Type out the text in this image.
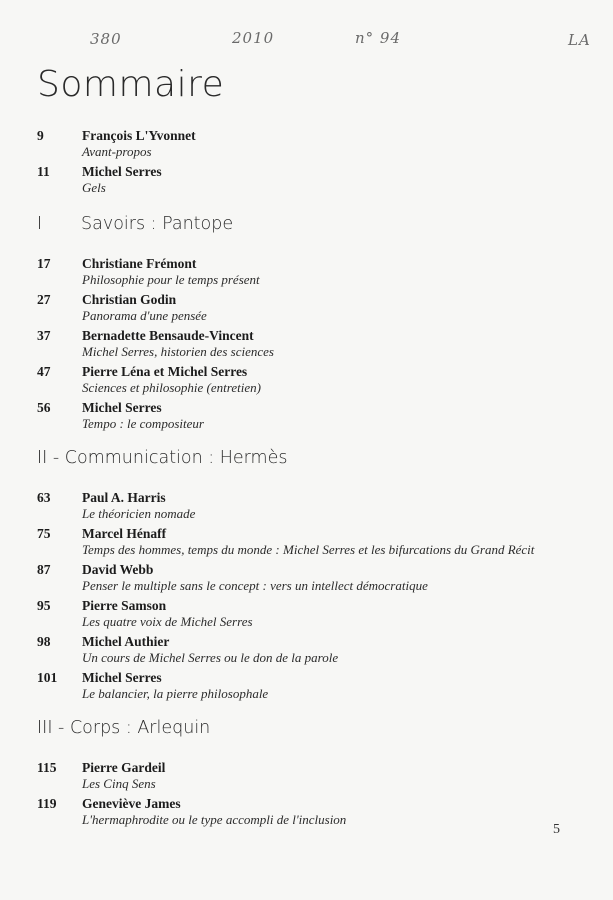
380	2010	n° 94	LA
Sommaire
9	François L'Yvonnet
Avant-propos
11	Michel Serres
Gels
I Savoirs : Pantope
17	Christiane Frémont
Philosophie pour le temps présent
27	Christian Godin
Panorama d'une pensée
37	Bernadette Bensaude-Vincent
Michel Serres, historien des sciences
47	Pierre Léna et Michel Serres
Sciences et philosophie (entretien)
56	Michel Serres
Tempo : le compositeur
II - Communication : Hermès
63	Paul A. Harris
Le théoricien nomade
75	Marcel Hénaff
Temps des hommes, temps du monde : Michel Serres et les bifurcations du Grand Récit
87	David Webb
Penser le multiple sans le concept : vers un intellect démocratique
95	Pierre Samson
Les quatre voix de Michel Serres
98	Michel Authier
Un cours de Michel Serres ou le don de la parole
101	Michel Serres
Le balancier, la pierre philosophale
III - Corps : Arlequin
115	Pierre Gardeil
Les Cinq Sens
119	Geneviève James
L'hermaphrodite ou le type accompli de l'inclusion
5
